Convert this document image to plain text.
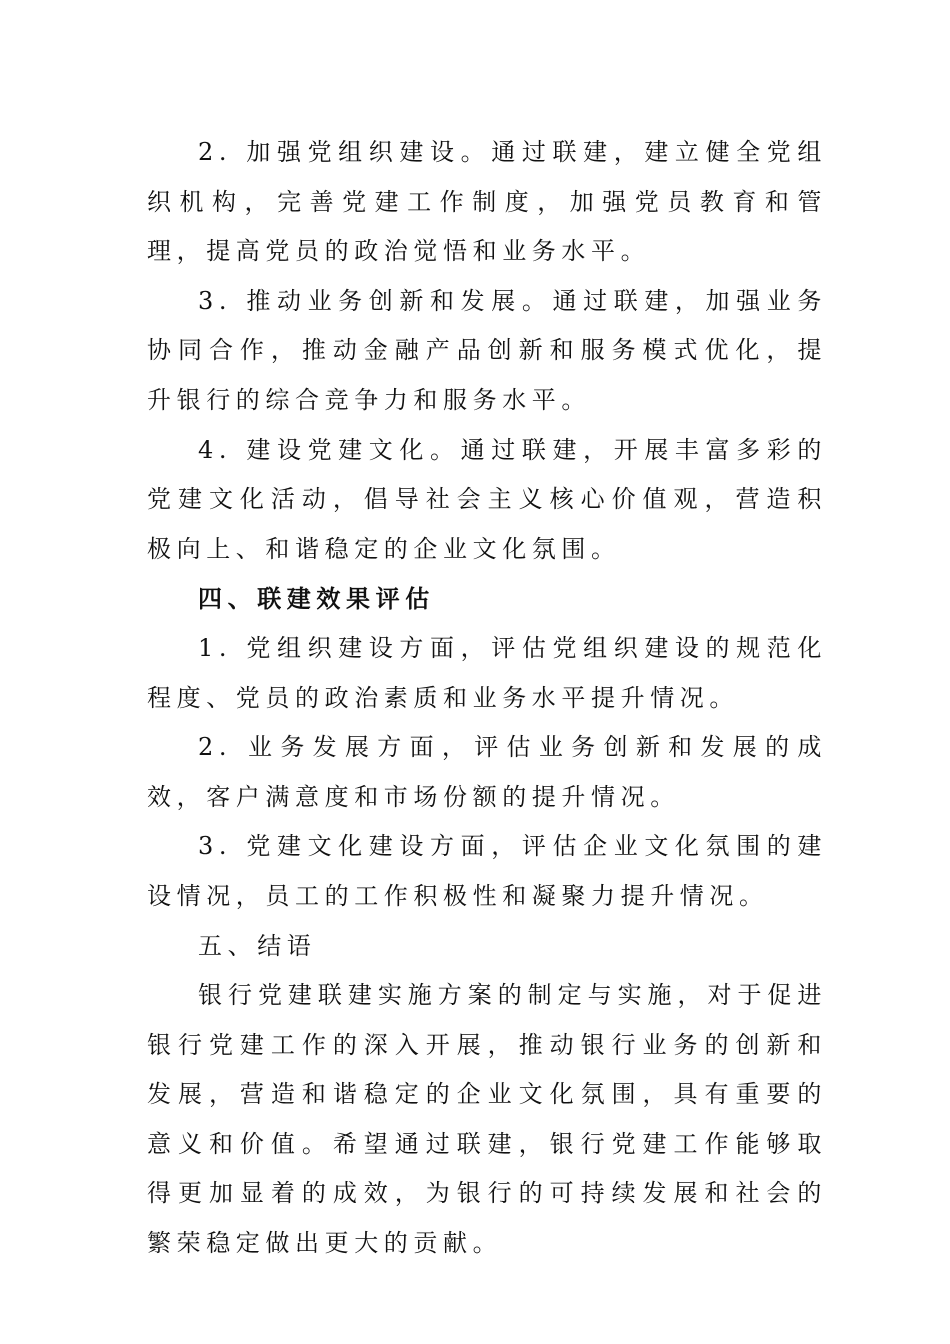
2. 加强党组织建设。通过联建，建立健全党组织机构，完善党建工作制度，加强党员教育和管理，提高党员的政治觉悟和业务水平。

3. 推动业务创新和发展。通过联建，加强业务协同合作，推动金融产品创新和服务模式优化，提升银行的综合竞争力和服务水平。

4. 建设党建文化。通过联建，开展丰富多彩的党建文化活动，倡导社会主义核心价值观，营造积极向上、和谐稳定的企业文化氛围。

四、联建效果评估

1. 党组织建设方面，评估党组织建设的规范化程度、党员的政治素质和业务水平提升情况。

2. 业务发展方面，评估业务创新和发展的成效，客户满意度和市场份额的提升情况。

3. 党建文化建设方面，评估企业文化氛围的建设情况，员工的工作积极性和凝聚力提升情况。

五、结语

银行党建联建实施方案的制定与实施，对于促进银行党建工作的深入开展，推动银行业务的创新和发展，营造和谐稳定的企业文化氛围，具有重要的意义和价值。希望通过联建，银行党建工作能够取得更加显着的成效，为银行的可持续发展和社会的繁荣稳定做出更大的贡献。
